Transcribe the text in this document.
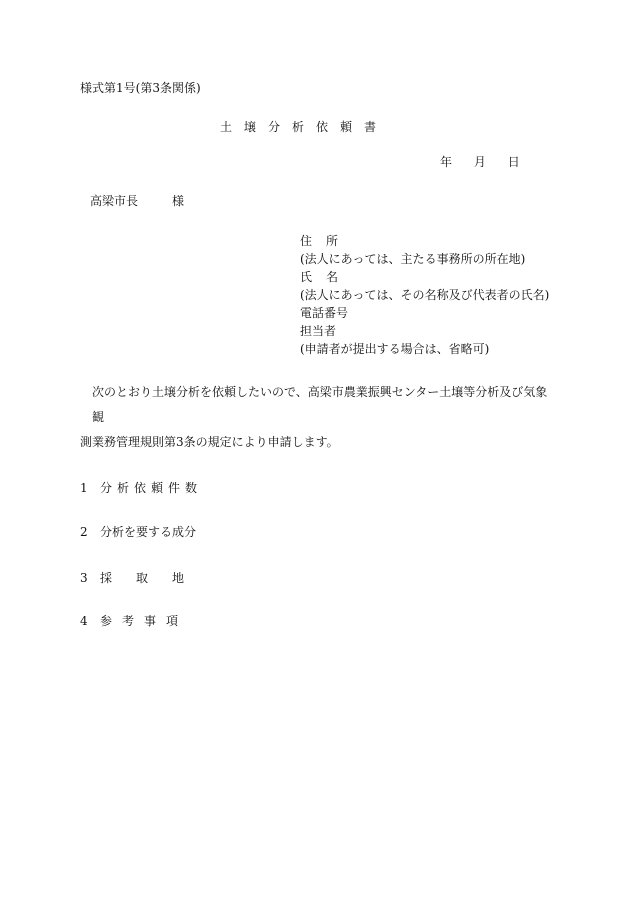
様式第1号(第3条関係)
土壌分析依頼書
年 月 日
高梁市長	様
住所
(法人にあっては、主たる事務所の所在地)
氏名
(法人にあっては、その名称及び代表者の氏名)
電話番号
担当者
(申請者が提出する場合は、省略可)
次のとおり土壌分析を依頼したいので、高梁市農業振興センター土壌等分析及び気象観
測業務管理規則第3条の規定により申請します。
1 分析依頼件数
2 分析を要する成分
3 採取地
4 参考事項
